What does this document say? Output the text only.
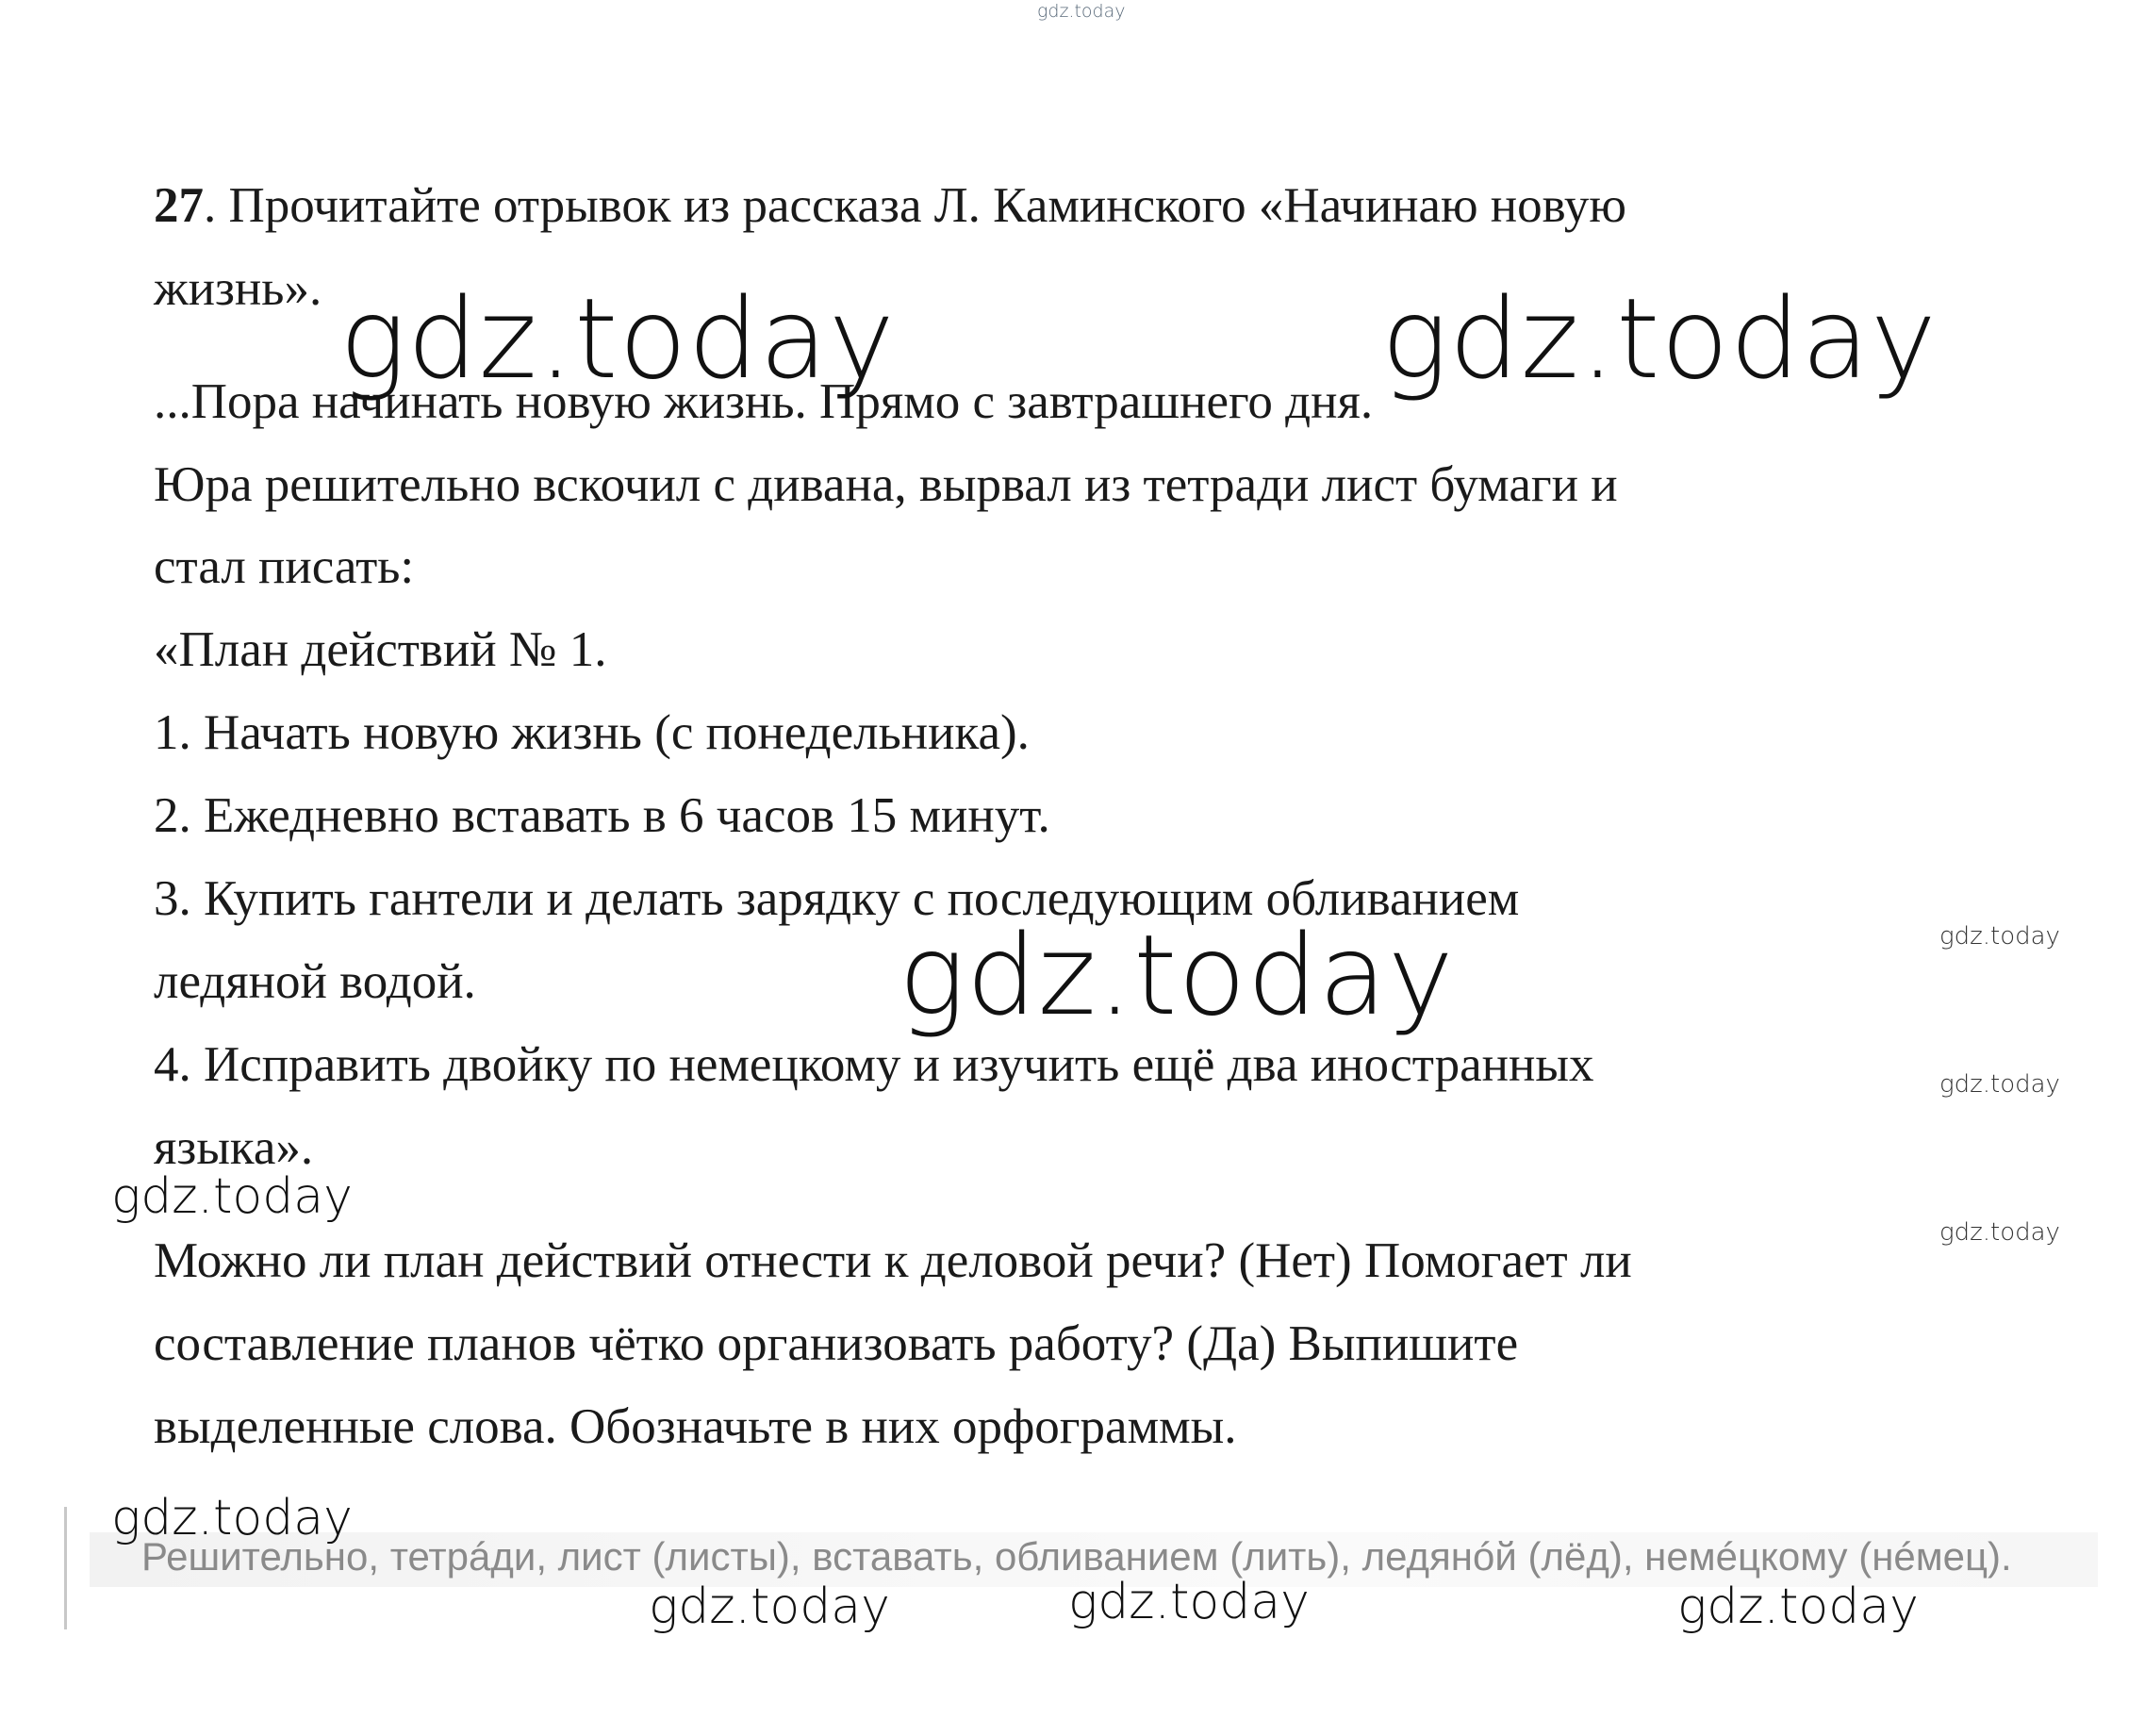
gdz.today
27. Прочитайте отрывок из рассказа Л. Каминского «Начинаю новую
жизнь».
...Пора начинать новую жизнь. Прямо с завтрашнего дня.
Юра решительно вскочил с дивана, вырвал из тетради лист бумаги и
стал писать:
«План действий № 1.
1. Начать новую жизнь (с понедельника).
2. Ежедневно вставать в 6 часов 15 минут.
3. Купить гантели и делать зарядку с последующим обливанием
ледяной водой.
4. Исправить двойку по немецкому и изучить ещё два иностранных
языка».
Можно ли план действий отнести к деловой речи? (Нет) Помогает ли
составление планов чётко организовать работу? (Да) Выпишите
выделенные слова. Обозначьте в них орфограммы.
Решительно, тетрáди, лист (листы), вставать, обливанием (лить), ледянóй (лёд), немéцкому (нéмец).
gdz.today	gdz.today
gdz.today
gdz.today
gdz.today
gdz.today	gdz.today	gdz.today
gdz.today
gdz.today
gdz.today
